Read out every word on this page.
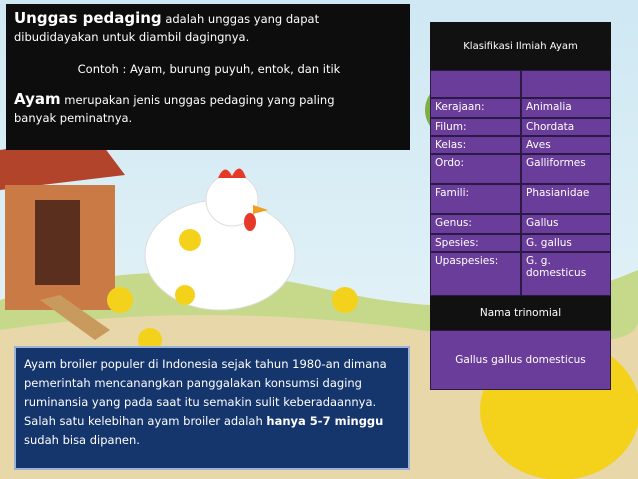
Unggas pedaging adalah unggas yang dapat
dibudidayakan untuk diambil dagingnya.
Contoh : Ayam, burung puyuh, entok, dan itik
Ayam merupakan jenis unggas pedaging yang paling
banyak peminatnya.
Ayam broiler populer di Indonesia sejak tahun 1980-an dimana pemerintah mencanangkan panggalakan konsumsi daging ruminansia yang pada saat itu semakin sulit keberadaannya. Salah satu kelebihan ayam broiler adalah hanya 5-7 minggu sudah bisa dipanen.
Klasifikasi Ilmiah Ayam
Kerajaan:	Animalia
Filum:	Chordata
Kelas:	Aves
Ordo:	Galliformes
Famili:	Phasianidae
Genus:	Gallus
Spesies:	G. gallus
Upaspesies:	G. g. domesticus
Nama trinomial
Gallus gallus domesticus
